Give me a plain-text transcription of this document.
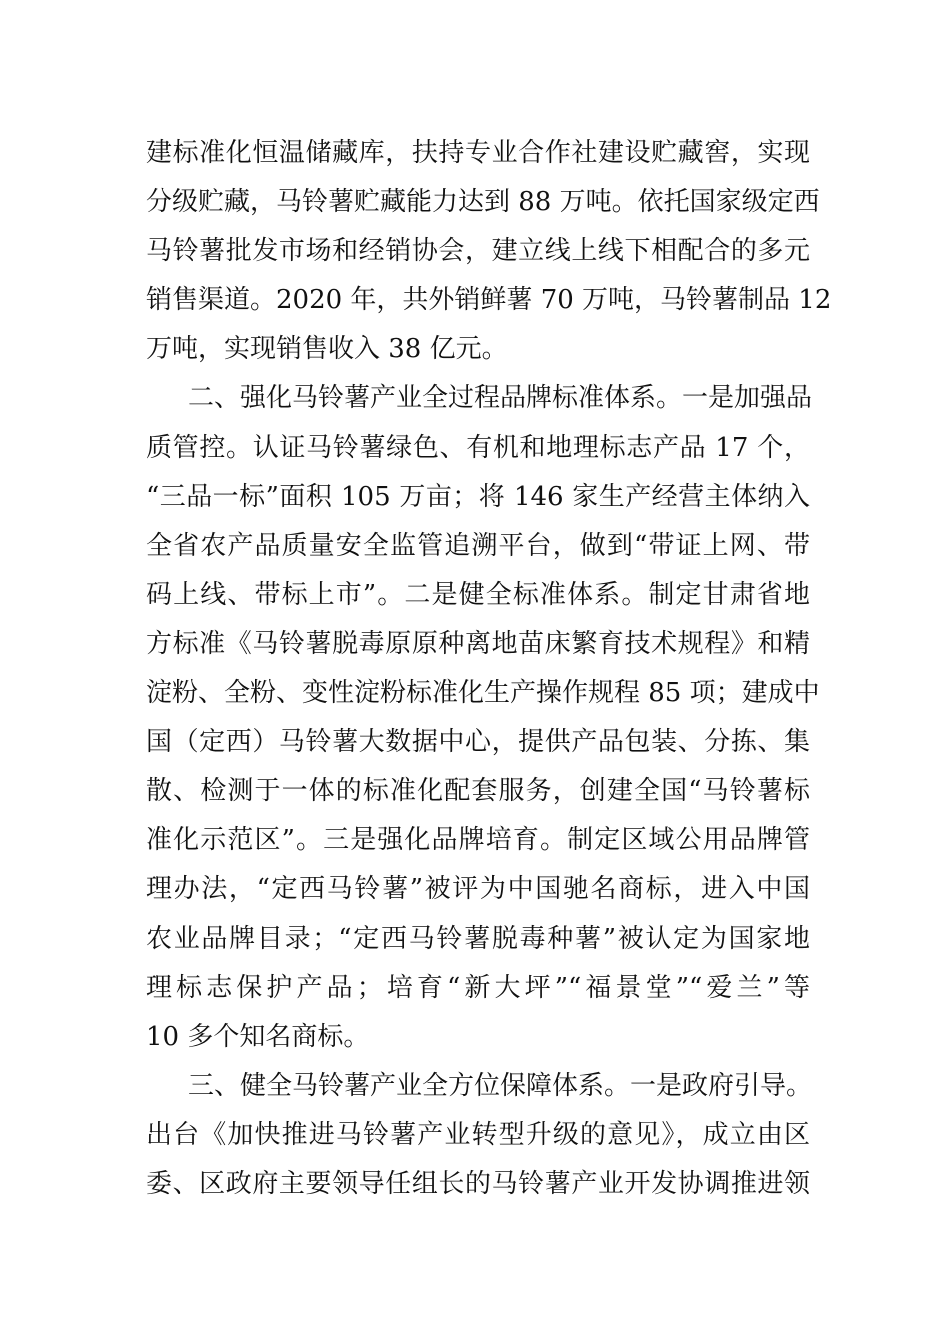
建标准化恒温储藏库，扶持专业合作社建设贮藏窖，实现
分级贮藏，马铃薯贮藏能力达到 88 万吨。依托国家级定西
马铃薯批发市场和经销协会，建立线上线下相配合的多元
销售渠道。2020 年，共外销鲜薯 70 万吨，马铃薯制品 12
万吨，实现销售收入 38 亿元。
二、强化马铃薯产业全过程品牌标准体系。一是加强品
质管控。认证马铃薯绿色、有机和地理标志产品 17 个，
“三品一标”面积 105 万亩；将 146 家生产经营主体纳入
全省农产品质量安全监管追溯平台，做到“带证上网、带
码上线、带标上市”。二是健全标准体系。制定甘肃省地
方标准《马铃薯脱毒原原种离地苗床繁育技术规程》和精
淀粉、全粉、变性淀粉标准化生产操作规程 85 项；建成中
国（定西）马铃薯大数据中心，提供产品包装、分拣、集
散、检测于一体的标准化配套服务，创建全国“马铃薯标
准化示范区”。三是强化品牌培育。制定区域公用品牌管
理办法，“定西马铃薯”被评为中国驰名商标，进入中国
农业品牌目录；“定西马铃薯脱毒种薯”被认定为国家地
理标志保护产品；培育“新大坪”“福景堂”“爱兰”等
10 多个知名商标。
三、健全马铃薯产业全方位保障体系。一是政府引导。
出台《加快推进马铃薯产业转型升级的意见》，成立由区
委、区政府主要领导任组长的马铃薯产业开发协调推进领
